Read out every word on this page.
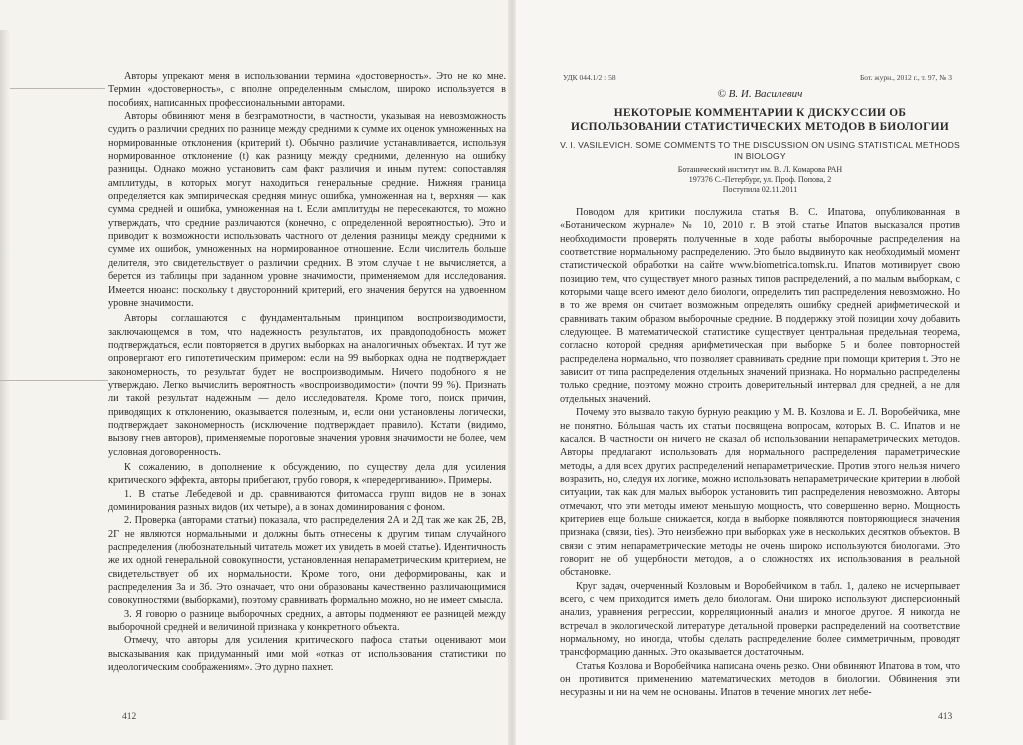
Авторы упрекают меня в использовании термина «достоверность». Это не ко мне. Термин «достоверность», с вполне определенным смыслом, широко используется в пособиях, написанных профессиональными авторами.

Авторы обвиняют меня в безграмотности, в частности, указывая на невозможность судить о различии средних по разнице между средними к сумме их оценок умноженных на нормированные отклонения (критерий t). Обычно различие устанавливается, используя нормированное отклонение (t) как разницу между средними, деленную на ошибку разницы. Однако можно установить сам факт различия и иным путем: сопоставляя амплитуды, в которых могут находиться генеральные средние. Нижняя граница определяется как эмпирическая средняя минус ошибка, умноженная на t, верхняя — как сумма средней и ошибка, умноженная на t. Если амплитуды не пересекаются, то можно утверждать, что средние различаются (конечно, с определенной вероятностью). Это и приводит к возможности использовать частного от деления разницы между средними к сумме их ошибок, умноженных на нормированное отношение. Если числитель больше делителя, это свидетельствует о различии средних. В этом случае t не вычисляется, а берется из таблицы при заданном уровне значимости, применяемом для исследования. Имеется нюанс: поскольку t двусторонний критерий, его значения берутся на удвоенном уровне значимости.

Авторы соглашаются с фундаментальным принципом воспроизводимости, заключающемся в том, что надежность результатов, их правдоподобность может подтверждаться, если повторяется в других выборках на аналогичных объектах. И тут же опровергают его гипотетическим примером: если на 99 выборках одна не подтверждает закономерность, то результат будет не воспроизводимым. Ничего подобного я не утверждаю. Легко вычислить вероятность «воспроизводимости» (почти 99 %). Признать ли такой результат надежным — дело исследователя. Кроме того, поиск причин, приводящих к отклонению, оказывается полезным, и, если они установлены логически, подтверждает закономерность (исключение подтверждает правило). Кстати (видимо, вызову гнев авторов), применяемые пороговые значения уровня значимости не более, чем условная договоренность.

К сожалению, в дополнение к обсуждению, по существу дела для усиления критического эффекта, авторы прибегают, грубо говоря, к «передергиванию». Примеры.

1. В статье Лебедевой и др. сравниваются фитомасса групп видов не в зонах доминирования разных видов (их четыре), а в зонах доминирования с фоном.

2. Проверка (авторами статьи) показала, что распределения 2А и 2Д так же как 2Б, 2В, 2Г не являются нормальными и должны быть отнесены к другим типам случайного распределения (любознательный читатель может их увидеть в моей статье). Идентичность же их одной генеральной совокупности, установленная непараметрическим критерием, не свидетельствует об их нормальности. Кроме того, они деформированы, как и распределения 3а и 3б. Это означает, что они образованы качественно различающимися совокупностями (выборками), поэтому сравнивать формально можно, но не имеет смысла.

3. Я говорю о разнице выборочных средних, а авторы подменяют ее разницей между выборочной средней и величиной признака у конкретного объекта.

Отмечу, что авторы для усиления критического пафоса статьи оценивают мои высказывания как придуманный ими мой «отказ от использования статистики по идеологическим соображениям». Это дурно пахнет.

412
УДК 044.1/2 : 58	Бот. журн., 2012 г., т. 97, № 3
© В. И. Василевич
НЕКОТОРЫЕ КОММЕНТАРИИ К ДИСКУССИИ ОБ ИСПОЛЬЗОВАНИИ СТАТИСТИЧЕСКИХ МЕТОДОВ В БИОЛОГИИ
V. I. VASILEVICH. SOME COMMENTS TO THE DISCUSSION ON USING STATISTICAL METHODS IN BIOLOGY
Ботанический институт им. В. Л. Комарова РАН
197376 С.-Петербург, ул. Проф. Попова, 2
Поступила 02.11.2011

Поводом для критики послужила статья В. С. Ипатова, опубликованная в «Ботаническом журнале» № 10, 2010 г. В этой статье Ипатов высказался против необходимости проверять полученные в ходе работы выборочные распределения на соответствие нормальному распределению. Это было выдвинуто как необходимый момент статистической обработки на сайте www.biometrica.tomsk.ru. Ипатов мотивирует свою позицию тем, что существует много разных типов распределений, а по малым выборкам, с которыми чаще всего имеют дело биологи, определить тип распределения невозможно. Но в то же время он считает возможным определять ошибку средней арифметической и сравнивать таким образом выборочные средние. В поддержку этой позиции хочу добавить следующее. В математической статистике существует центральная предельная теорема, согласно которой средняя арифметическая при выборке 5 и более повторностей распределена нормально, что позволяет сравнивать средние при помощи критерия t. Это не зависит от типа распределения отдельных значений признака. Но нормально распределены только средние, поэтому можно строить доверительный интервал для средней, а не для отдельных значений.

Почему это вызвало такую бурную реакцию у М. В. Козлова и Е. Л. Воробейчика, мне не понятно. Бóльшая часть их статьи посвящена вопросам, которых В. С. Ипатов и не касался. В частности он ничего не сказал об использовании непараметрических методов. Авторы предлагают использовать для нормального распределения параметрические методы, а для всех других распределений непараметрические. Против этого нельзя ничего возразить, но, следуя их логике, можно использовать непараметрические критерии в любой ситуации, так как для малых выборок установить тип распределения невозможно. Авторы отмечают, что эти методы имеют меньшую мощность, что совершенно верно. Мощность критериев еще больше снижается, когда в выборке появляются повторяющиеся значения признака (связи, ties). Это неизбежно при выборках уже в нескольких десятков объектов. В связи с этим непараметрические методы не очень широко используются биологами. Это говорит не об ущербности методов, а о сложностях их использования в реальной обстановке.

Круг задач, очерченный Козловым и Воробейчиком в табл. 1, далеко не исчерпывает всего, с чем приходится иметь дело биологам. Они широко используют дисперсионный анализ, уравнения регрессии, корреляционный анализ и многое другое. Я никогда не встречал в экологической литературе детальной проверки распределений на соответствие нормальному, но иногда, чтобы сделать распределение более симметричным, проводят трансформацию данных. Это оказывается достаточным.

Статья Козлова и Воробейчика написана очень резко. Они обвиняют Ипатова в том, что он противится применению математических методов в биологии. Обвинения эти несуразны и ни на чем не основаны. Ипатов в течение многих лет небе-

413
